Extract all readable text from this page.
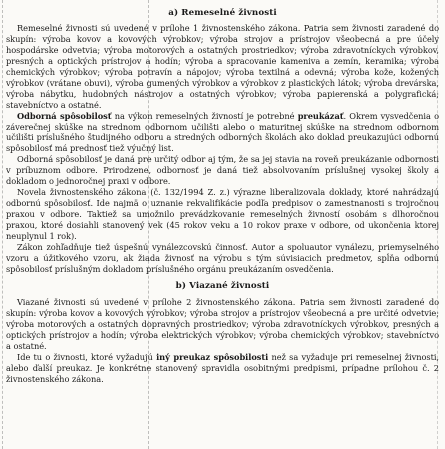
a) Remeselné živnosti

Remeselné živnosti sú uvedené v prílohe 1 živnostenského zákona. Patria sem živnosti zaradené do skupín: výroba kovov a kovových výrobkov; výroba strojov a prístrojov všeobecná a pre účely hospodárske odvetvia; výroba motorových a ostatných prostriedkov; výroba zdravotníckych výrobkov, presných a optických prístrojov a hodín; výroba a spracovanie kameniva a zemín, keramika; výroba chemických výrobkov; výroba potravín a nápojov; výroba textilná a odevná; výroba kože, kožených výrobkov (vrátane obuvi), výroba gumených výrobkov a výrobkov z plastických látok; výroba drevárska, výroba nábytku, hudobných nástrojov a ostatných výrobkov; výroba papierenská a polygrafická; stavebníctvo a ostatné.

Odborná spôsobilosť na výkon remeselných živností je potrebné preukázať. Okrem vysvedčenia o záverečnej skúške na strednom odbornom učilišti alebo o maturitnej skúške na strednom odbornom učilišti príslušného študijného odboru a stredných odborných školách ako doklad preukazujúci odbornú spôsobilosť má prednosť tiež výučný list.

Odborná spôsobilosť je daná pre určitý odbor aj tým, že sa jej stavia na roveň preukázanie odbornosti v príbuznom odbore. Prirodzene, odbornosť je daná tiež absolvovaním príslušnej vysokej školy a dokladom o jednoročnej praxi v odbore.

Novela živnostenského zákona (č. 132/1994 Z. z.) výrazne liberalizovala doklady, ktoré nahrádzajú odbornú spôsobilosť. Ide najmä o uznanie rekvalifikácie podľa predpisov o zamestnanosti s trojročnou praxou v odbore. Taktiež sa umožnilo prevádzkovanie remeselných živností osobám s dlhoročnou praxou, ktoré dosiahli stanovený vek (45 rokov veku a 10 rokov praxe v odbore, od ukončenia ktorej neuplynul 1 rok).

Zákon zohľadňuje tiež úspešnú vynálezcovskú činnosť. Autor a spoluautor vynálezu, priemyselného vzoru a úžitkového vzoru, ak žiada živnosť na výrobu s tým súvisiacich predmetov, spĺňa odbornú spôsobilosť príslušným dokladom príslušného orgánu preukázaním osvedčenia.

b) Viazané živnosti

Viazané živnosti sú uvedené v prílohe 2 živnostenského zákona. Patria sem živnosti zaradené do skupín: výroba kovov a kovových výrobkov; výroba strojov a prístrojov všeobecná a pre určité odvetvie; výroba motorových a ostatných dopravných prostriedkov; výroba zdravotníckych výrobkov, presných a optických prístrojov a hodín; výroba elektrických výrobkov; výroba chemických výrobkov; stavebníctvo a ostatné.

Ide tu o živnosti, ktoré vyžadujú iný preukaz spôsobilosti než sa vyžaduje pri remeselnej živnosti, alebo ďalší preukaz. Je konkrétne stanovený spravidla osobitnými predpismi, prípadne prílohou č. 2 živnostenského zákona.
